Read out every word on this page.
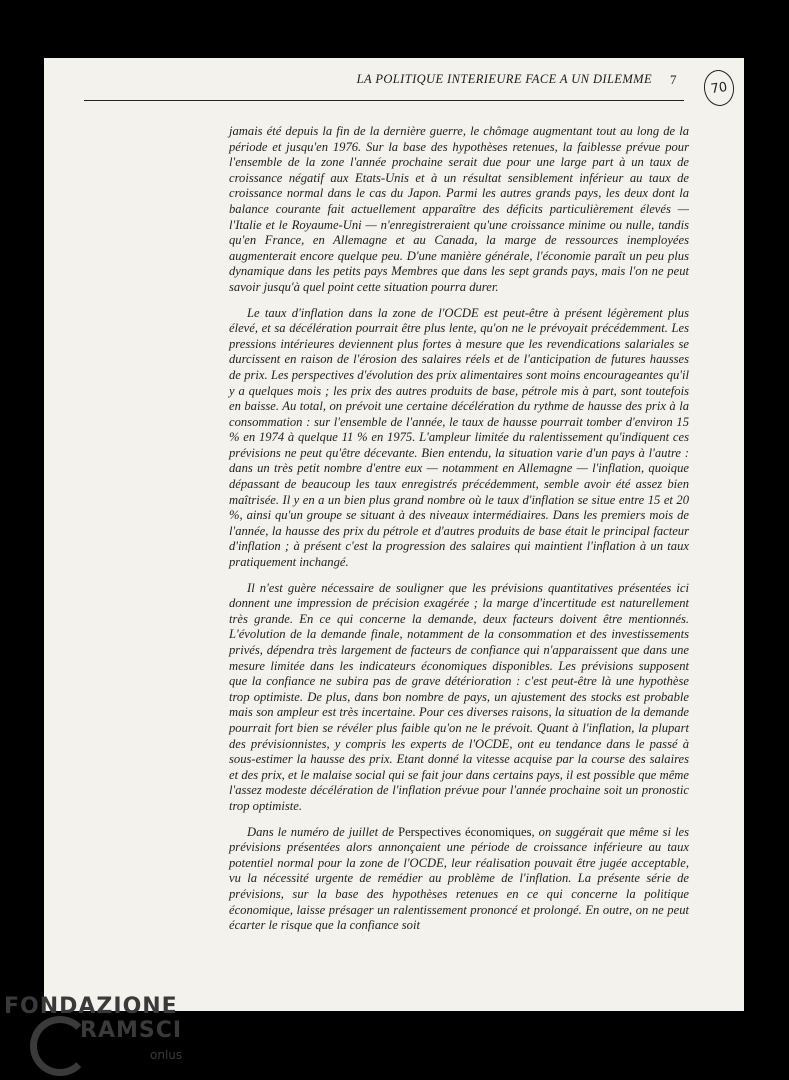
LA POLITIQUE INTERIEURE FACE A UN DILEMME 7	70

jamais été depuis la fin de la dernière guerre, le chômage augmentant tout au long de la période et jusqu'en 1976. Sur la base des hypothèses retenues, la faiblesse prévue pour l'ensemble de la zone l'année prochaine serait due pour une large part à un taux de croissance négatif aux Etats-Unis et à un résultat sensiblement inférieur au taux de croissance normal dans le cas du Japon. Parmi les autres grands pays, les deux dont la balance courante fait actuellement apparaître des déficits particulièrement élevés — l'Italie et le Royaume-Uni — n'enregistreraient qu'une croissance minime ou nulle, tandis qu'en France, en Allemagne et au Canada, la marge de ressources inemployées augmenterait encore quelque peu. D'une manière générale, l'économie paraît un peu plus dynamique dans les petits pays Membres que dans les sept grands pays, mais l'on ne peut savoir jusqu'à quel point cette situation pourra durer.

Le taux d'inflation dans la zone de l'OCDE est peut-être à présent légèrement plus élevé, et sa décélération pourrait être plus lente, qu'on ne le prévoyait précédemment. Les pressions intérieures deviennent plus fortes à mesure que les revendications salariales se durcissent en raison de l'érosion des salaires réels et de l'anticipation de futures hausses de prix. Les perspectives d'évolution des prix alimentaires sont moins encourageantes qu'il y a quelques mois ; les prix des autres produits de base, pétrole mis à part, sont toutefois en baisse. Au total, on prévoit une certaine décélération du rythme de hausse des prix à la consommation : sur l'ensemble de l'année, le taux de hausse pourrait tomber d'environ 15 % en 1974 à quelque 11 % en 1975. L'ampleur limitée du ralentissement qu'indiquent ces prévisions ne peut qu'être décevante. Bien entendu, la situation varie d'un pays à l'autre : dans un très petit nombre d'entre eux — notamment en Allemagne — l'inflation, quoique dépassant de beaucoup les taux enregistrés précédemment, semble avoir été assez bien maîtrisée. Il y en a un bien plus grand nombre où le taux d'inflation se situe entre 15 et 20 %, ainsi qu'un groupe se situant à des niveaux intermédiaires. Dans les premiers mois de l'année, la hausse des prix du pétrole et d'autres produits de base était le principal facteur d'inflation ; à présent c'est la progression des salaires qui maintient l'inflation à un taux pratiquement inchangé.

Il n'est guère nécessaire de souligner que les prévisions quantitatives présentées ici donnent une impression de précision exagérée ; la marge d'incertitude est naturellement très grande. En ce qui concerne la demande, deux facteurs doivent être mentionnés. L'évolution de la demande finale, notamment de la consommation et des investissements privés, dépendra très largement de facteurs de confiance qui n'apparaissent que dans une mesure limitée dans les indicateurs économiques disponibles. Les prévisions supposent que la confiance ne subira pas de grave détérioration : c'est peut-être là une hypothèse trop optimiste. De plus, dans bon nombre de pays, un ajustement des stocks est probable mais son ampleur est très incertaine. Pour ces diverses raisons, la situation de la demande pourrait fort bien se révéler plus faible qu'on ne le prévoit. Quant à l'inflation, la plupart des prévisionnistes, y compris les experts de l'OCDE, ont eu tendance dans le passé à sous-estimer la hausse des prix. Etant donné la vitesse acquise par la course des salaires et des prix, et le malaise social qui se fait jour dans certains pays, il est possible que même l'assez modeste décélération de l'inflation prévue pour l'année prochaine soit un pronostic trop optimiste.

Dans le numéro de juillet de Perspectives économiques, on suggérait que même si les prévisions présentées alors annonçaient une période de croissance inférieure au taux potentiel normal pour la zone de l'OCDE, leur réalisation pouvait être jugée acceptable, vu la nécessité urgente de remédier au problème de l'inflation. La présente série de prévisions, sur la base des hypothèses retenues en ce qui concerne la politique économique, laisse présager un ralentissement prononcé et prolongé. En outre, on ne peut écarter le risque que la confiance soit

FONDAZIONE
RAMSCI
onlus
